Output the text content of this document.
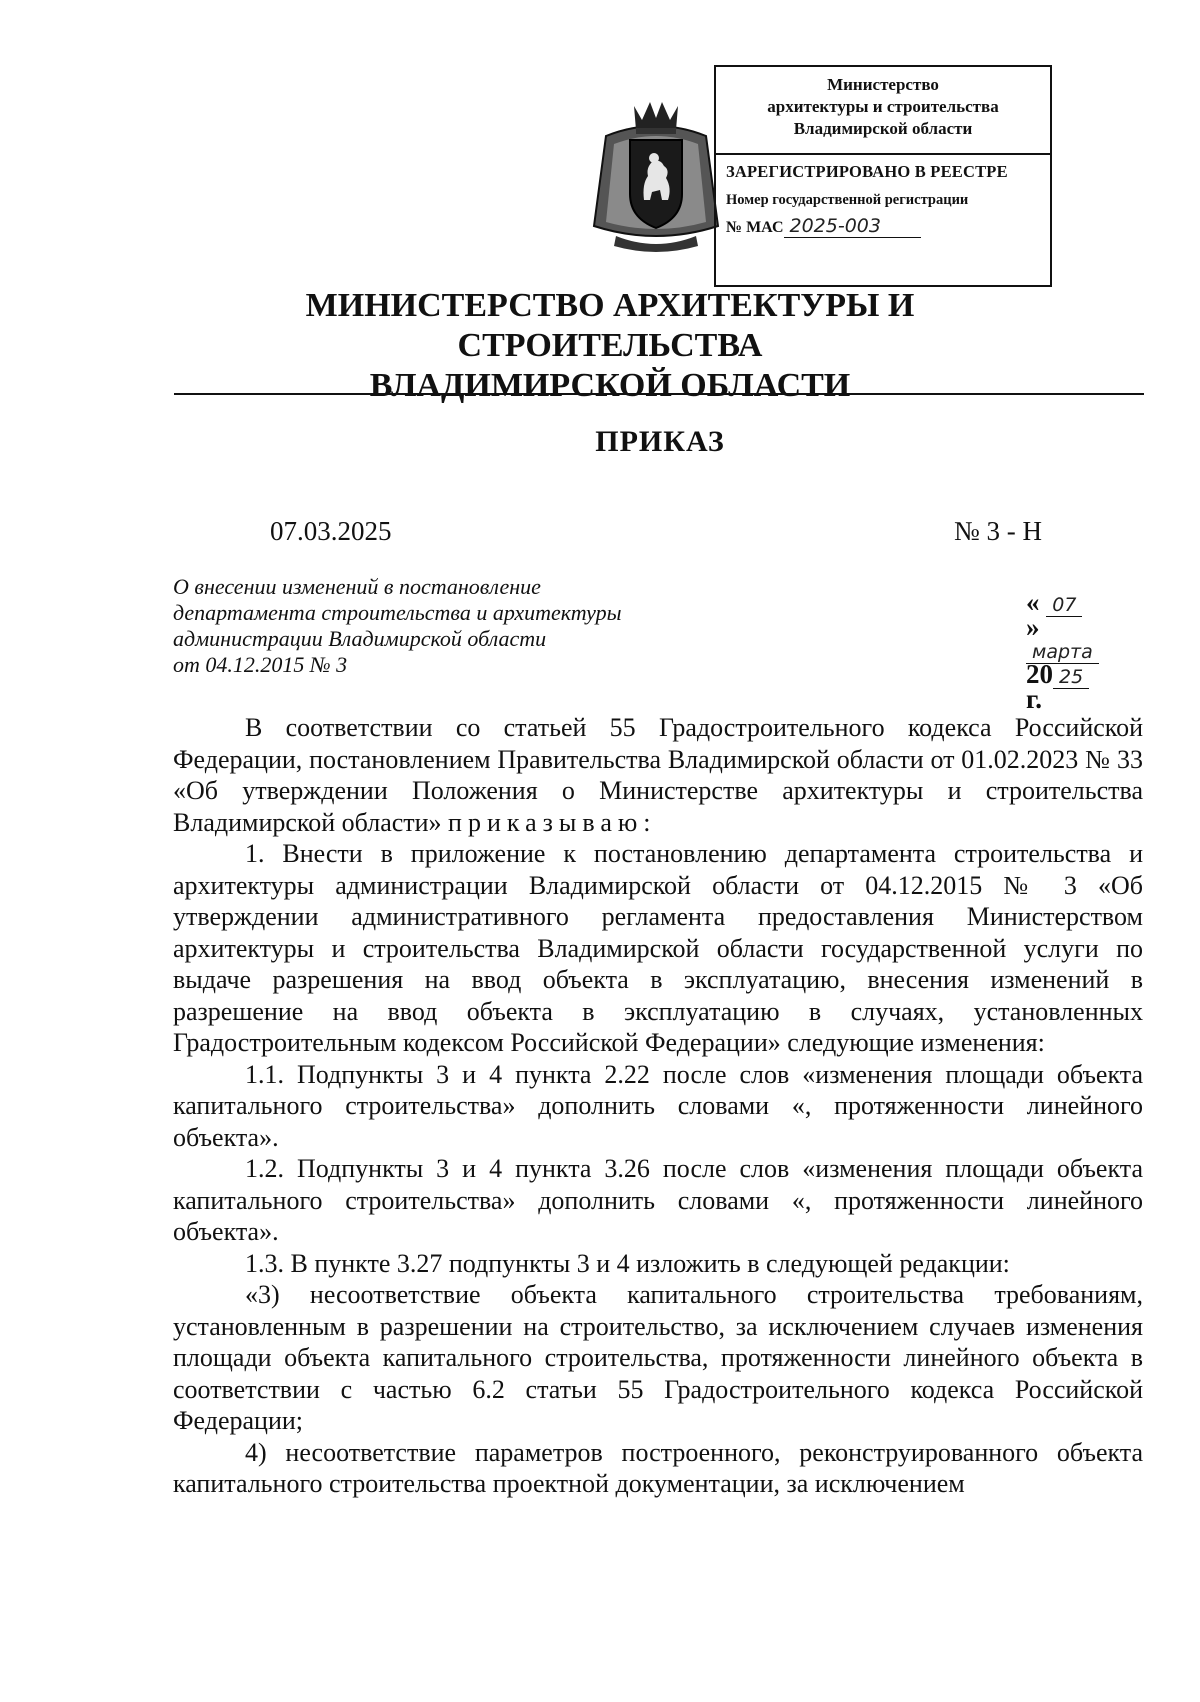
Министерство
архитектуры и строительства
Владимирской области
ЗАРЕГИСТРИРОВАНО В РЕЕСТРЕ
« 07 » марта 20 25 г.
Номер государственной регистрации
№ МАС 2025-003
МИНИСТЕРСТВО АРХИТЕКТУРЫ И СТРОИТЕЛЬСТВА
ВЛАДИМИРСКОЙ ОБЛАСТИ
ПРИКАЗ
07.03.2025	№ 3 - Н
О внесении изменений в постановление
департамента строительства и архитектуры
администрации Владимирской области
от 04.12.2015 № 3

В соответствии со статьей 55 Градостроительного кодекса Российской Федерации, постановлением Правительства Владимирской области от 01.02.2023 № 33 «Об утверждении Положения о Министерстве архитектуры и строительства Владимирской области» приказываю:

1. Внести в приложение к постановлению департамента строительства и архитектуры администрации Владимирской области от 04.12.2015 № 3 «Об утверждении административного регламента предоставления Министерством архитектуры и строительства Владимирской области государственной услуги по выдаче разрешения на ввод объекта в эксплуатацию, внесения изменений в разрешение на ввод объекта в эксплуатацию в случаях, установленных Градостроительным кодексом Российской Федерации» следующие изменения:

1.1. Подпункты 3 и 4 пункта 2.22 после слов «изменения площади объекта капитального строительства» дополнить словами «, протяженности линейного объекта».

1.2. Подпункты 3 и 4 пункта 3.26 после слов «изменения площади объекта капитального строительства» дополнить словами «, протяженности линейного объекта».

1.3. В пункте 3.27 подпункты 3 и 4 изложить в следующей редакции:

«3) несоответствие объекта капитального строительства требованиям, установленным в разрешении на строительство, за исключением случаев изменения площади объекта капитального строительства, протяженности линейного объекта в соответствии с частью 6.2 статьи 55 Градостроительного кодекса Российской Федерации;

4) несоответствие параметров построенного, реконструированного объекта капитального строительства проектной документации, за исключением
